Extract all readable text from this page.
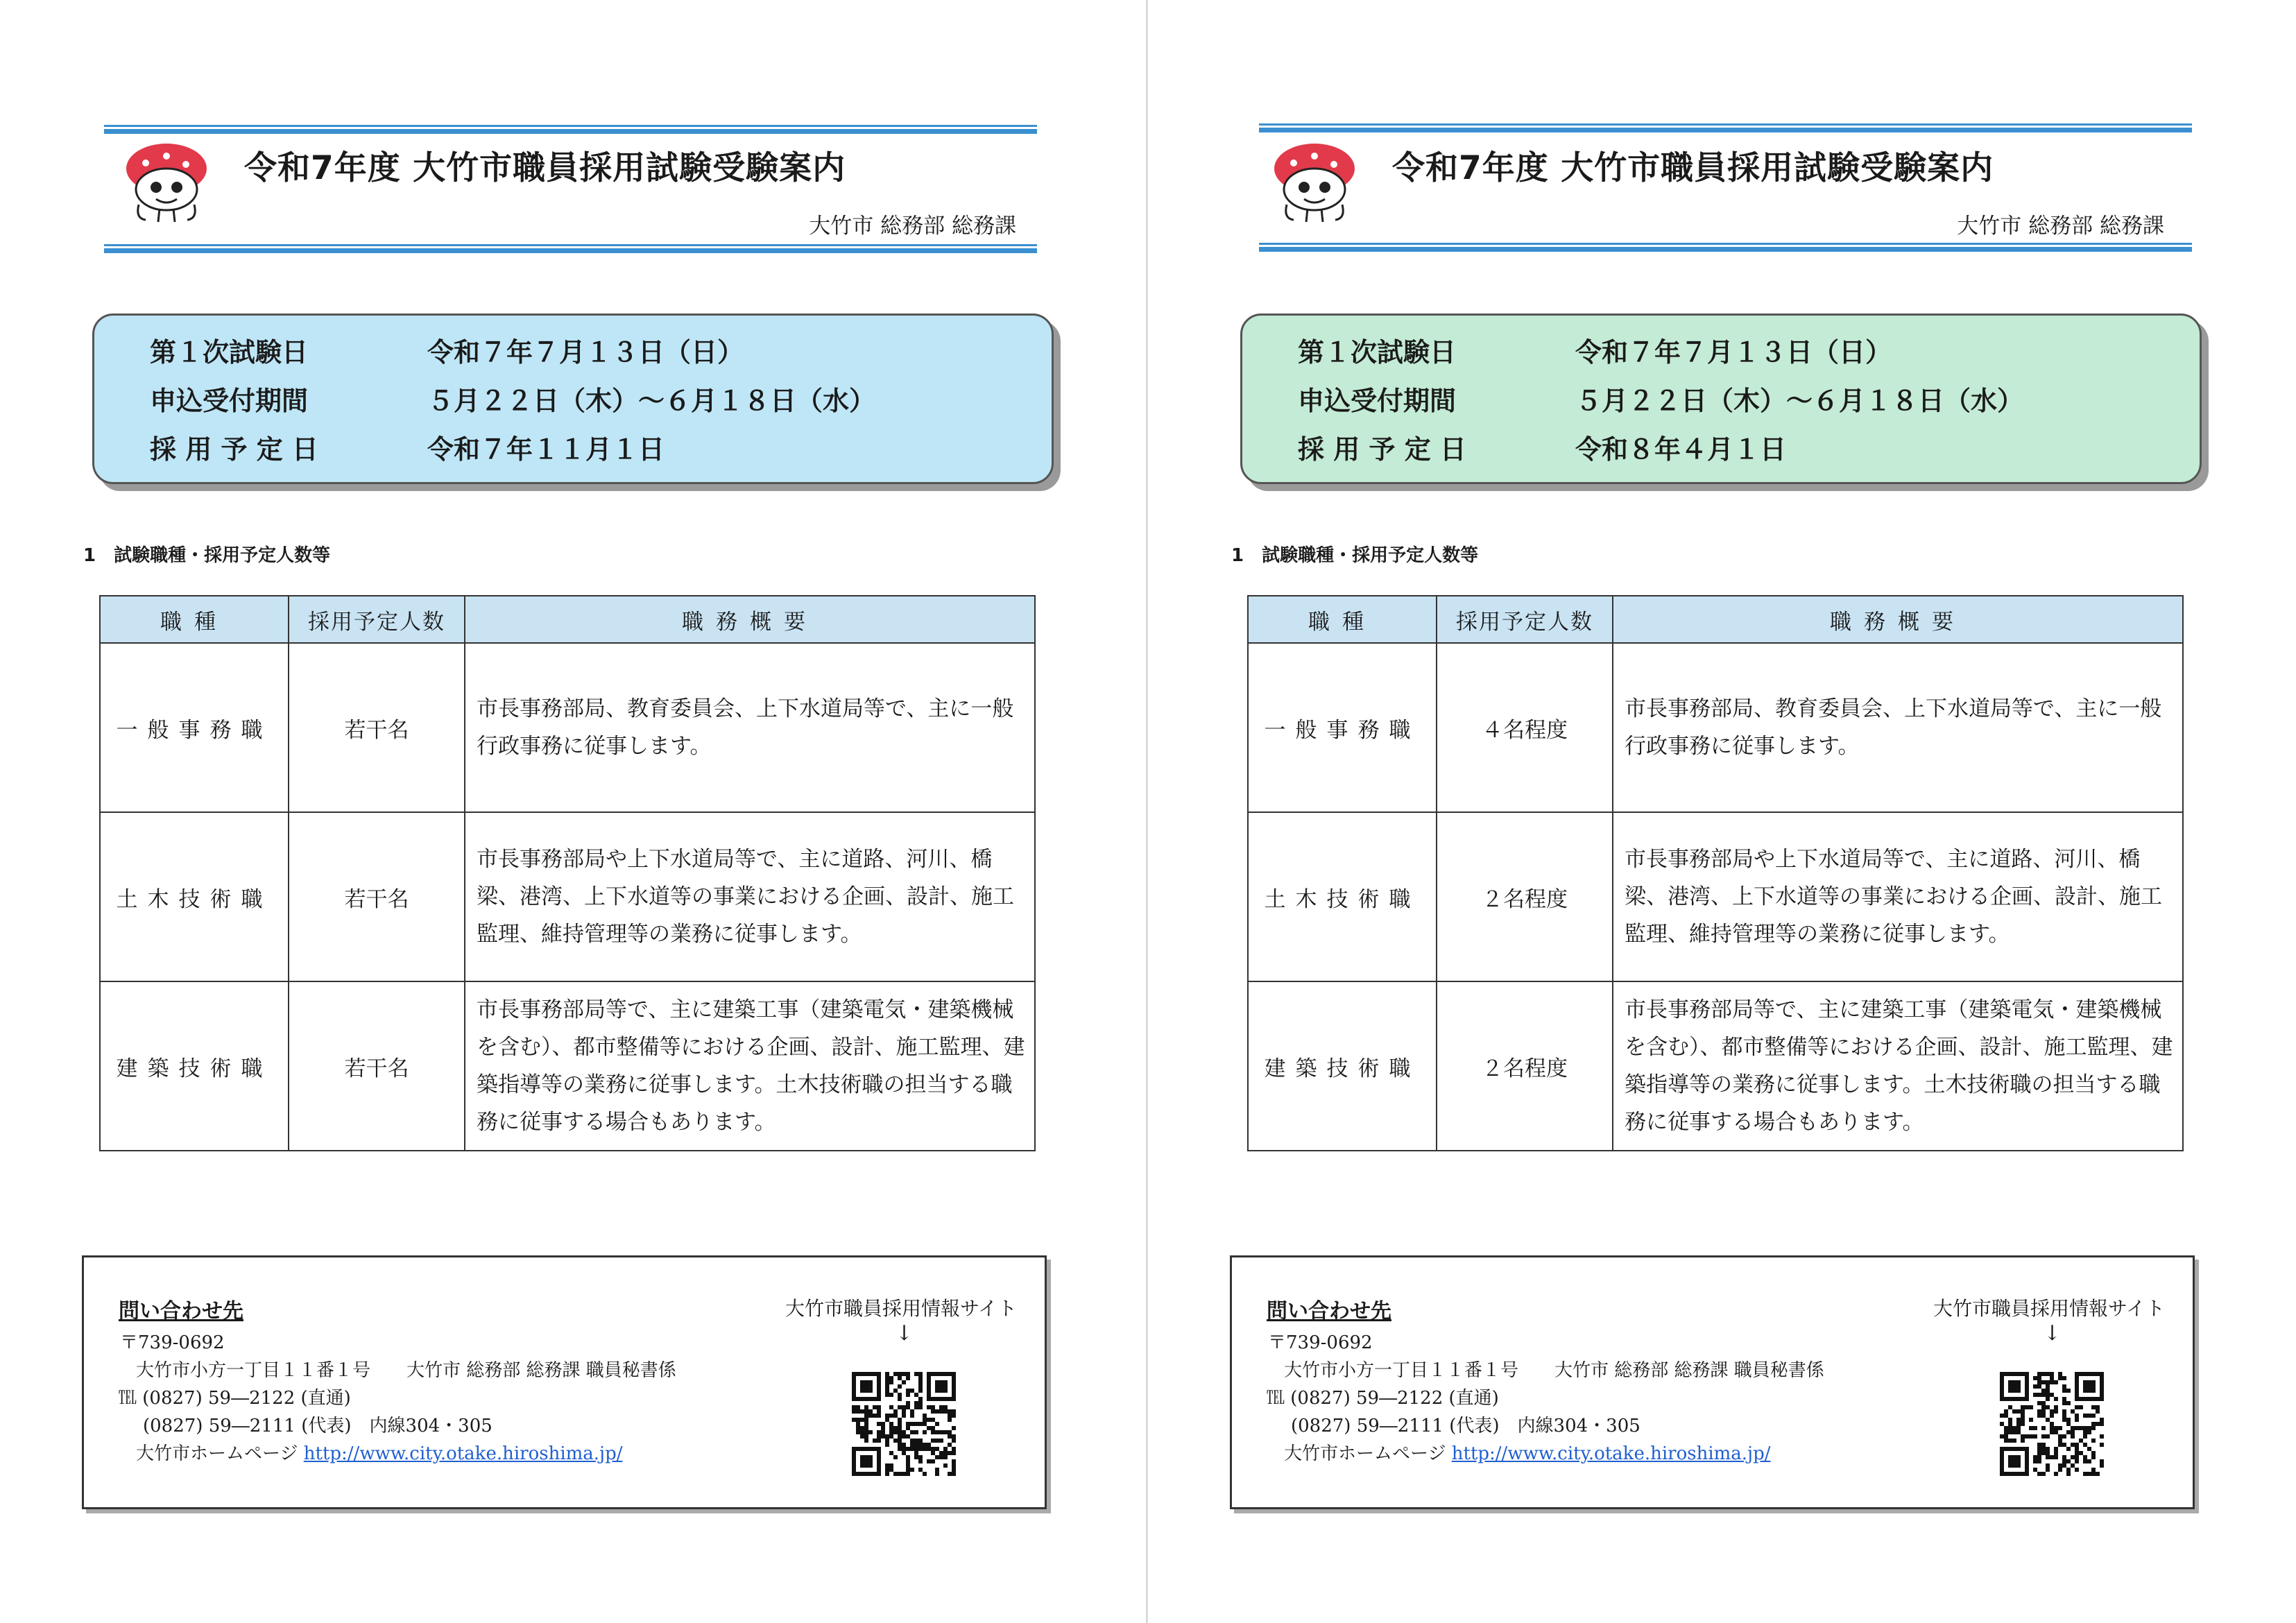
令和7年度 大竹市職員採用試験受験案内
大竹市 総務部 総務課
第１次試験日	令和７年７月１３日（日）
申込受付期間	５月２２日（木）～６月１８日（水）
採 用 予 定 日	令和７年１１月１日
1　試験職種・採用予定人数等
職種	採用予定人数	職務概要
一般事務職	若干名	市長事務部局、教育委員会、上下水道局等で、主に一般行政事務に従事します。
土木技術職	若干名	市長事務部局や上下水道局等で、主に道路、河川、橋梁、港湾、上下水道等の事業における企画、設計、施工監理、維持管理等の業務に従事します。
建築技術職	若干名	市長事務部局等で、主に建築工事（建築電気・建築機械を含む）、都市整備等における企画、設計、施工監理、建築指導等の業務に従事します。土木技術職の担当する職務に従事する場合もあります。
問い合わせ先
〒739-0692
大竹市小方一丁目１１番１号　　大竹市 総務部 総務課 職員秘書係
℡ (0827) 59―2122 (直通)
(0827) 59―2111 (代表)　内線304・305
大竹市ホームページ http://www.city.otake.hiroshima.jp/
大竹市職員採用情報サイト
↓
令和7年度 大竹市職員採用試験受験案内
大竹市 総務部 総務課
第１次試験日	令和７年７月１３日（日）
申込受付期間	５月２２日（木）～６月１８日（水）
採 用 予 定 日	令和８年４月１日
1　試験職種・採用予定人数等
職種	採用予定人数	職務概要
一般事務職	４名程度	市長事務部局、教育委員会、上下水道局等で、主に一般行政事務に従事します。
土木技術職	２名程度	市長事務部局や上下水道局等で、主に道路、河川、橋梁、港湾、上下水道等の事業における企画、設計、施工監理、維持管理等の業務に従事します。
建築技術職	２名程度	市長事務部局等で、主に建築工事（建築電気・建築機械を含む）、都市整備等における企画、設計、施工監理、建築指導等の業務に従事します。土木技術職の担当する職務に従事する場合もあります。
問い合わせ先
〒739-0692
大竹市小方一丁目１１番１号　　大竹市 総務部 総務課 職員秘書係
℡ (0827) 59―2122 (直通)
(0827) 59―2111 (代表)　内線304・305
大竹市ホームページ http://www.city.otake.hiroshima.jp/
大竹市職員採用情報サイト
↓
